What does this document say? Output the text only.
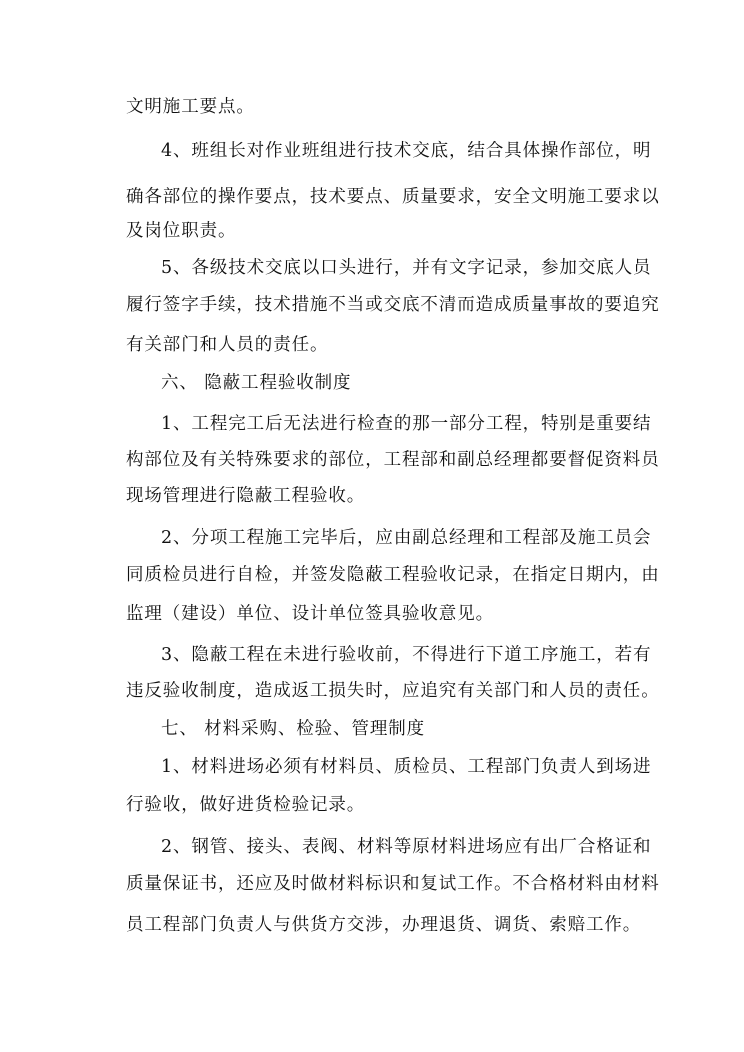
文明施工要点。
4、班组长对作业班组进行技术交底，结合具体操作部位，明
确各部位的操作要点，技术要点、质量要求，安全文明施工要求以
及岗位职责。
5、各级技术交底以口头进行，并有文字记录，参加交底人员
履行签字手续，技术措施不当或交底不清而造成质量事故的要追究
有关部门和人员的责任。
六、 隐蔽工程验收制度
1、工程完工后无法进行检查的那一部分工程，特别是重要结
构部位及有关特殊要求的部位，工程部和副总经理都要督促资料员
现场管理进行隐蔽工程验收。
2、分项工程施工完毕后，应由副总经理和工程部及施工员会
同质检员进行自检，并签发隐蔽工程验收记录，在指定日期内，由
监理（建设）单位、设计单位签具验收意见。
3、隐蔽工程在未进行验收前，不得进行下道工序施工，若有
违反验收制度，造成返工损失时，应追究有关部门和人员的责任。
七、 材料采购、检验、管理制度
1、材料进场必须有材料员、质检员、工程部门负责人到场进
行验收，做好进货检验记录。
2、钢管、接头、表阀、材料等原材料进场应有出厂合格证和
质量保证书，还应及时做材料标识和复试工作。不合格材料由材料
员工程部门负责人与供货方交涉，办理退货、调货、索赔工作。
